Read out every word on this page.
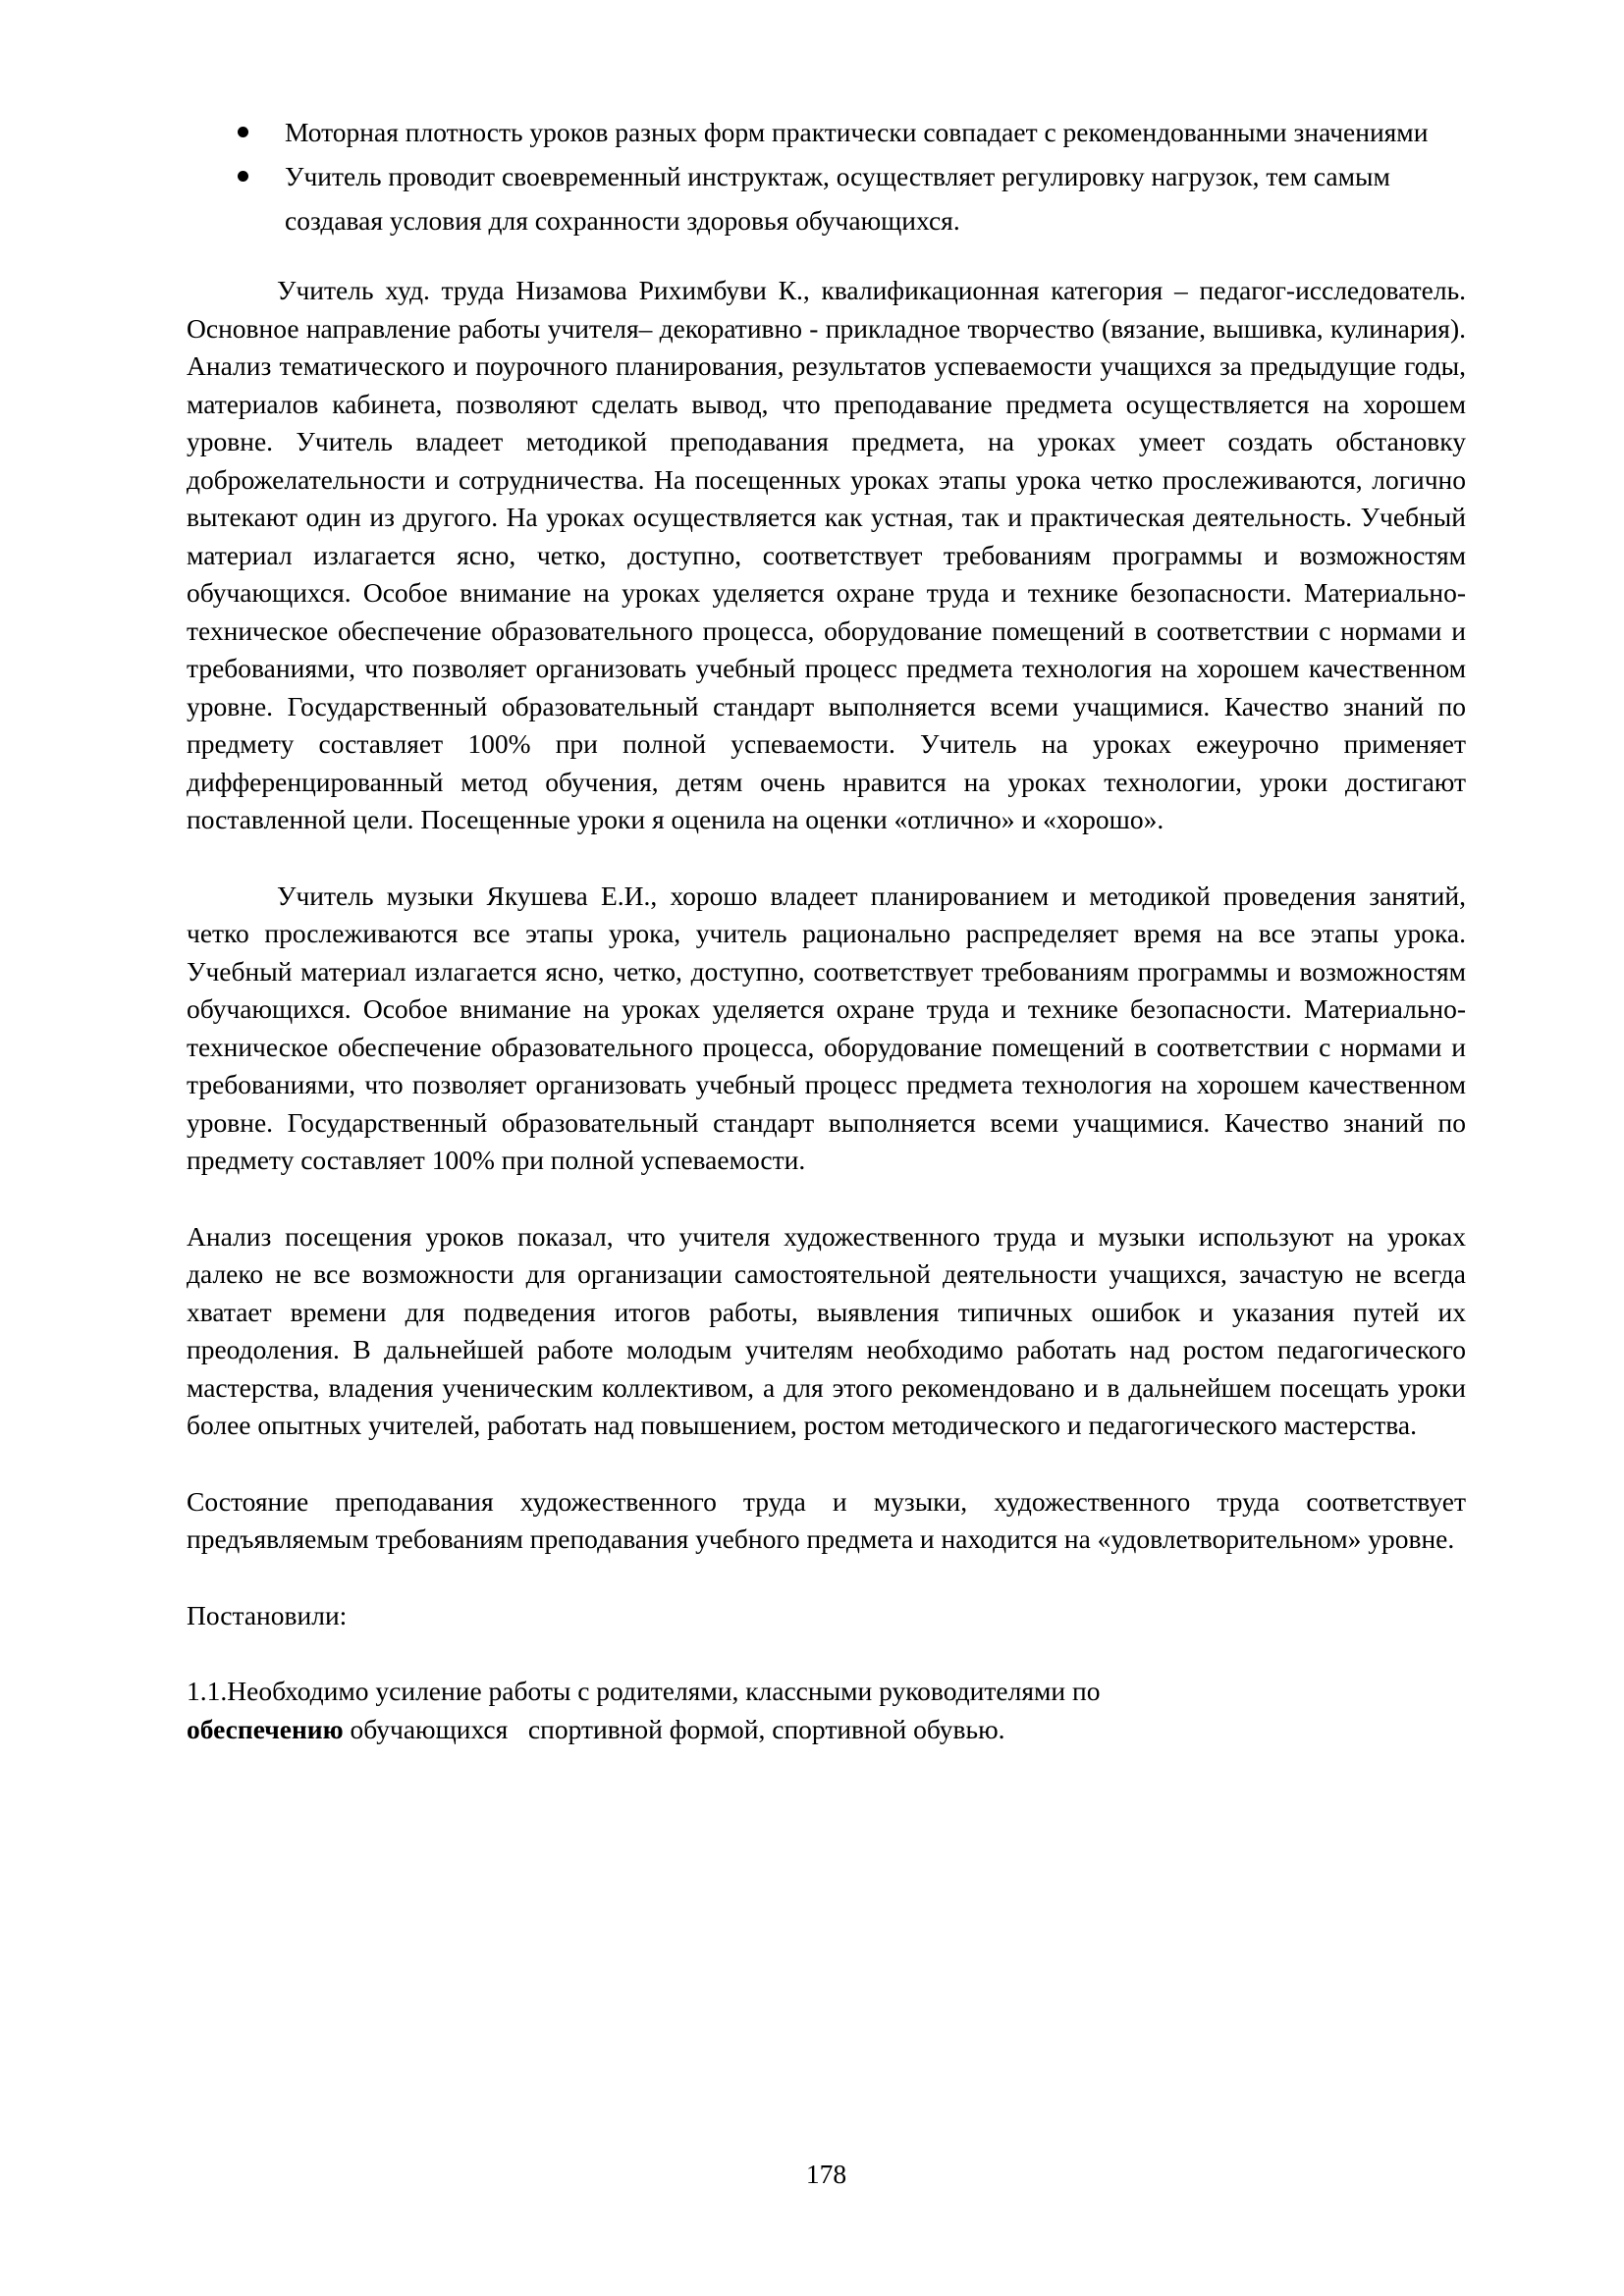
Моторная плотность уроков разных форм практически совпадает с рекомендованными значениями
Учитель проводит своевременный инструктаж, осуществляет регулировку нагрузок, тем самым создавая условия для сохранности здоровья обучающихся.

Учитель худ. труда Низамова Рихимбуви К., квалификационная категория – педагог-исследователь. Основное направление работы учителя– декоративно - прикладное творчество (вязание, вышивка, кулинария). Анализ тематического и поурочного планирования, результатов успеваемости учащихся за предыдущие годы, материалов кабинета, позволяют сделать вывод, что преподавание предмета осуществляется на хорошем уровне. Учитель владеет методикой преподавания предмета, на уроках умеет создать обстановку доброжелательности и сотрудничества. На посещенных уроках этапы урока четко прослеживаются, логично вытекают один из другого. На уроках осуществляется как устная, так и практическая деятельность. Учебный материал излагается ясно, четко, доступно, соответствует требованиям программы и возможностям обучающихся. Особое внимание на уроках уделяется охране труда и технике безопасности. Материально-техническое обеспечение образовательного процесса, оборудование помещений в соответствии с нормами и требованиями, что позволяет организовать учебный процесс предмета технология на хорошем качественном уровне. Государственный образовательный стандарт выполняется всеми учащимися. Качество знаний по предмету составляет 100% при полной успеваемости. Учитель на уроках ежеурочно применяет дифференцированный метод обучения, детям очень нравится на уроках технологии, уроки достигают поставленной цели. Посещенные уроки я оценила на оценки «отлично» и «хорошо».

Учитель музыки Якушева Е.И., хорошо владеет планированием и методикой проведения занятий, четко прослеживаются все этапы урока, учитель рационально распределяет время на все этапы урока. Учебный материал излагается ясно, четко, доступно, соответствует требованиям программы и возможностям обучающихся. Особое внимание на уроках уделяется охране труда и технике безопасности. Материально-техническое обеспечение образовательного процесса, оборудование помещений в соответствии с нормами и требованиями, что позволяет организовать учебный процесс предмета технология на хорошем качественном уровне. Государственный образовательный стандарт выполняется всеми учащимися. Качество знаний по предмету составляет 100% при полной успеваемости.

Анализ посещения уроков показал, что учителя художественного труда и музыки используют на уроках далеко не все возможности для организации самостоятельной деятельности учащихся, зачастую не всегда хватает времени для подведения итогов работы, выявления типичных ошибок и указания путей их преодоления. В дальнейшей работе молодым учителям необходимо работать над ростом педагогического мастерства, владения ученическим коллективом, а для этого рекомендовано и в дальнейшем посещать уроки более опытных учителей, работать над повышением, ростом методического и педагогического мастерства.

Состояние преподавания художественного труда и музыки, художественного труда соответствует предъявляемым требованиям преподавания учебного предмета и находится на «удовлетворительном» уровне.

Постановили:

1.1.Необходимо усиление работы с родителями, классными руководителями по
обеспечению обучающихся   спортивной формой, спортивной обувью.

178
